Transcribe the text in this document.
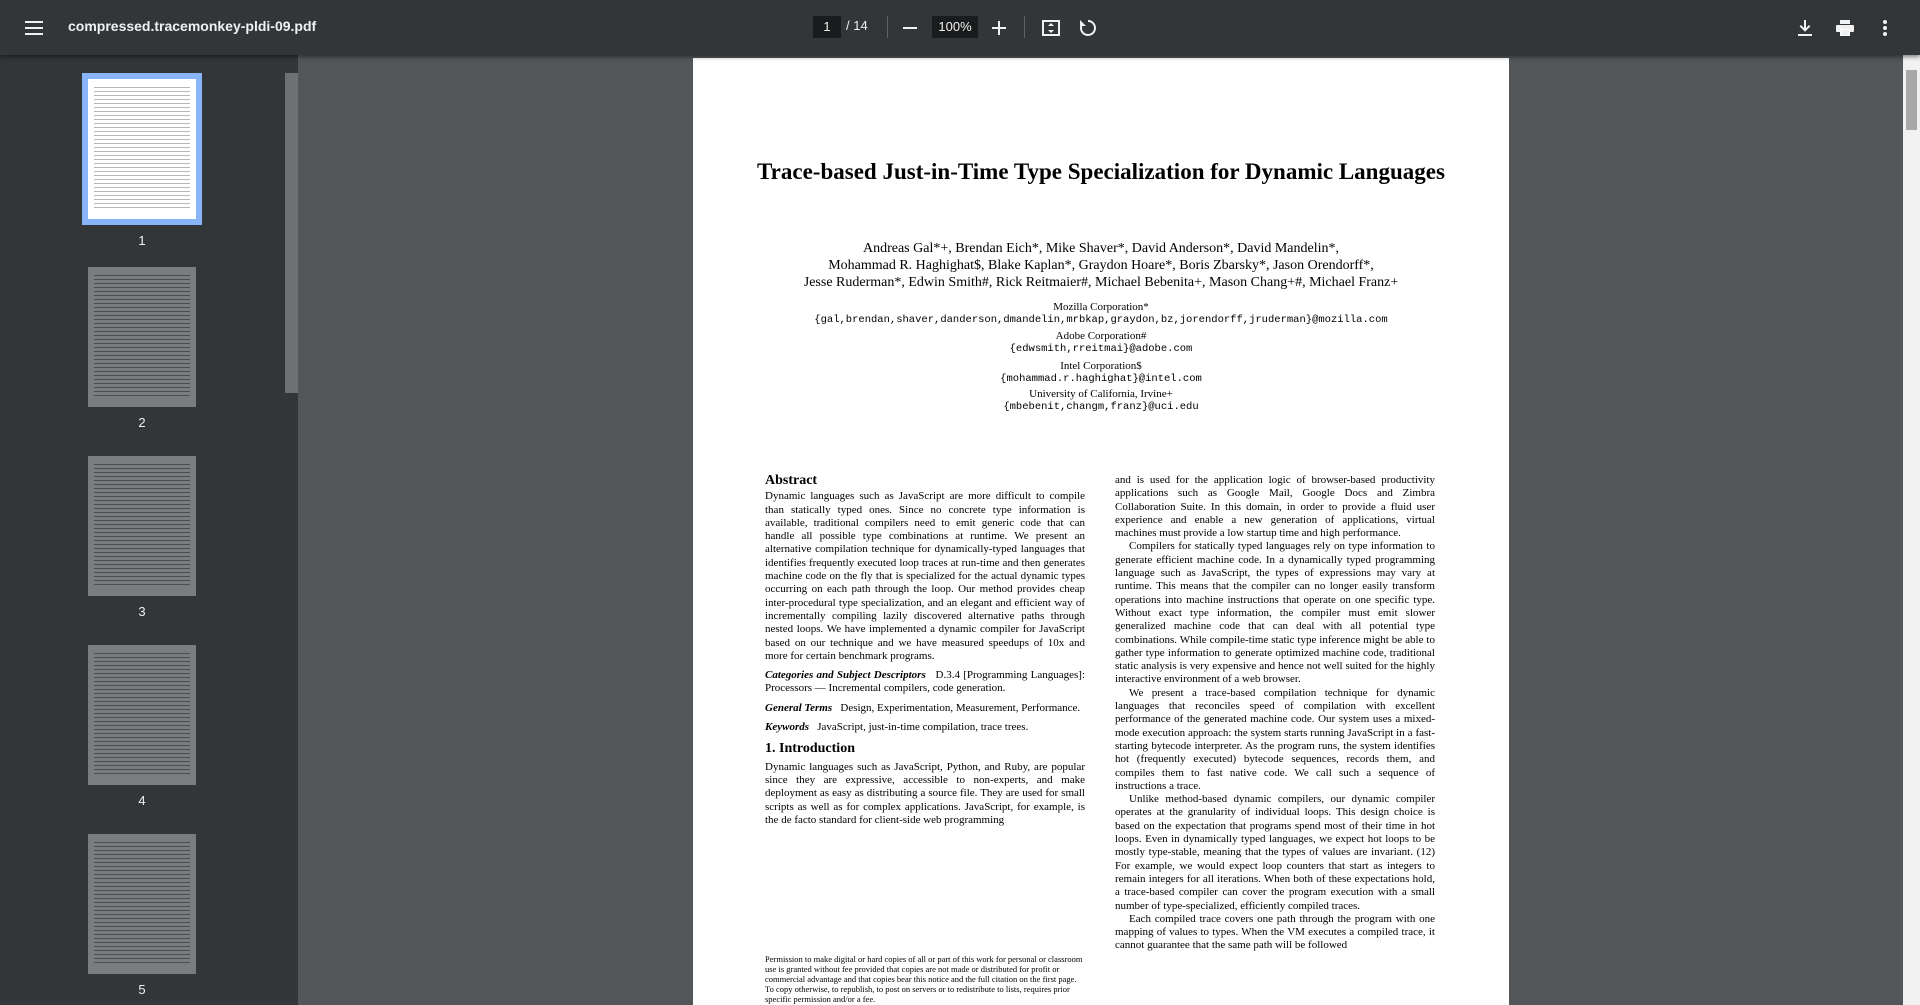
compressed.tracemonkey-pldi-09.pdf	1	/ 14	100%
1
2
3
4
5
Trace-based Just-in-Time Type Specialization for Dynamic Languages
Andreas Gal*+, Brendan Eich*, Mike Shaver*, David Anderson*, David Mandelin*,
Mohammad R. Haghighat$, Blake Kaplan*, Graydon Hoare*, Boris Zbarsky*, Jason Orendorff*,
Jesse Ruderman*, Edwin Smith#, Rick Reitmaier#, Michael Bebenita+, Mason Chang+#, Michael Franz+
Mozilla Corporation*
{gal,brendan,shaver,danderson,dmandelin,mrbkap,graydon,bz,jorendorff,jruderman}@mozilla.com
Adobe Corporation#
{edwsmith,rreitmai}@adobe.com
Intel Corporation$
{mohammad.r.haghighat}@intel.com
University of California, Irvine+
{mbebenit,changm,franz}@uci.edu
Abstract
Dynamic languages such as JavaScript are more difficult to compile than statically typed ones. Since no concrete type information is available, traditional compilers need to emit generic code that can handle all possible type combinations at runtime. We present an alternative compilation technique for dynamically-typed languages that identifies frequently executed loop traces at run-time and then generates machine code on the fly that is specialized for the actual dynamic types occurring on each path through the loop. Our method provides cheap inter-procedural type specialization, and an elegant and efficient way of incrementally compiling lazily discovered alternative paths through nested loops. We have implemented a dynamic compiler for JavaScript based on our technique and we have measured speedups of 10x and more for certain benchmark programs.
Categories and Subject Descriptors D.3.4 [Programming Languages]: Processors — Incremental compilers, code generation.
General Terms Design, Experimentation, Measurement, Performance.
Keywords JavaScript, just-in-time compilation, trace trees.
1. Introduction
Dynamic languages such as JavaScript, Python, and Ruby, are popular since they are expressive, accessible to non-experts, and make deployment as easy as distributing a source file. They are used for small scripts as well as for complex applications. JavaScript, for example, is the de facto standard for client-side web programming
and is used for the application logic of browser-based productivity applications such as Google Mail, Google Docs and Zimbra Collaboration Suite. In this domain, in order to provide a fluid user experience and enable a new generation of applications, virtual machines must provide a low startup time and high performance.
Compilers for statically typed languages rely on type information to generate efficient machine code. In a dynamically typed programming language such as JavaScript, the types of expressions may vary at runtime. This means that the compiler can no longer easily transform operations into machine instructions that operate on one specific type. Without exact type information, the compiler must emit slower generalized machine code that can deal with all potential type combinations. While compile-time static type inference might be able to gather type information to generate optimized machine code, traditional static analysis is very expensive and hence not well suited for the highly interactive environment of a web browser.
We present a trace-based compilation technique for dynamic languages that reconciles speed of compilation with excellent performance of the generated machine code. Our system uses a mixed-mode execution approach: the system starts running JavaScript in a fast-starting bytecode interpreter. As the program runs, the system identifies hot (frequently executed) bytecode sequences, records them, and compiles them to fast native code. We call such a sequence of instructions a trace.
Unlike method-based dynamic compilers, our dynamic compiler operates at the granularity of individual loops. This design choice is based on the expectation that programs spend most of their time in hot loops. Even in dynamically typed languages, we expect hot loops to be mostly type-stable, meaning that the types of values are invariant. (12) For example, we would expect loop counters that start as integers to remain integers for all iterations. When both of these expectations hold, a trace-based compiler can cover the program execution with a small number of type-specialized, efficiently compiled traces.
Each compiled trace covers one path through the program with one mapping of values to types. When the VM executes a compiled trace, it cannot guarantee that the same path will be followed
Permission to make digital or hard copies of all or part of this work for personal or classroom use is granted without fee provided that copies are not made or distributed for profit or commercial advantage and that copies bear this notice and the full citation on the first page. To copy otherwise, to republish, to post on servers or to redistribute to lists, requires prior specific permission and/or a fee.
